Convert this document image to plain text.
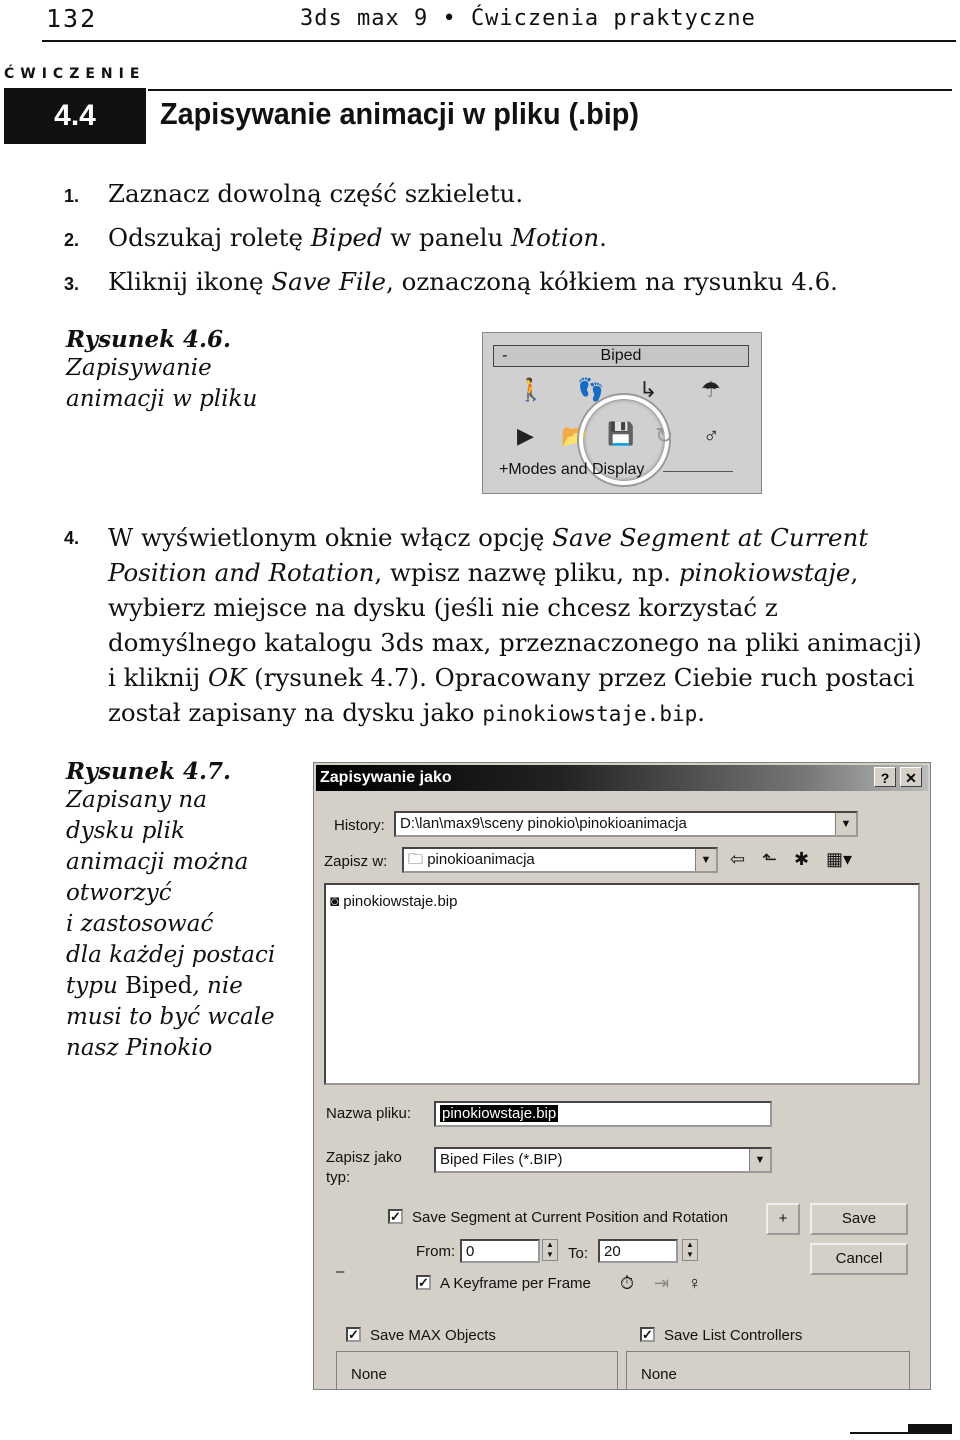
132	3ds max 9 • Ćwiczenia praktyczne
ĆWICZENIE
4.4	Zapisywanie animacji w pliku (.bip)
1. Zaznacz dowolną część szkieletu.
2. Odszukaj roletę Biped w panelu Motion.
3. Kliknij ikonę Save File, oznaczoną kółkiem na rysunku 4.6.
Rysunek 4.6.
Zapisywanie
animacji w pliku
-	Biped
🚶 👣 ↳ ☂
▶ 📂 💾 ↻ ♂
+Modes and Display
4. W wyświetlonym oknie włącz opcję Save Segment at Current Position and Rotation, wpisz nazwę pliku, np. pinokiowstaje, wybierz miejsce na dysku (jeśli nie chcesz korzystać z domyślnego katalogu 3ds max, przeznaczonego na pliki animacji) i kliknij OK (rysunek 4.7). Opracowany przez Ciebie ruch postaci został zapisany na dysku jako pinokiowstaje.bip.
Rysunek 4.7.
Zapisany na
dysku plik
animacji można
otworzyć
i zastosować
dla każdej postaci
typu Biped, nie
musi to być wcale
nasz Pinokio
Zapisywanie jako	?	✕
History:	D:\lan\max9\sceny pinokio\pinokioanimacja	▼
Zapisz w:	🗀 pinokioanimacja	▼ ⇦ ⬑ ✱ ▦▾
◙ pinokiowstaje.bip
Nazwa pliku:	pinokiowstaje.bip
Zapisz jako
typ:
Biped Files (*.BIP)	▼
✓ Save Segment at Current Position and Rotation	+	Save
Cancel
From: 0	▲
▼ To:	20	▲
▼
–
✓ A Keyframe per Frame ⏱ ⇥ ♀
✓ Save MAX Objects	✓ Save List Controllers
None	None
